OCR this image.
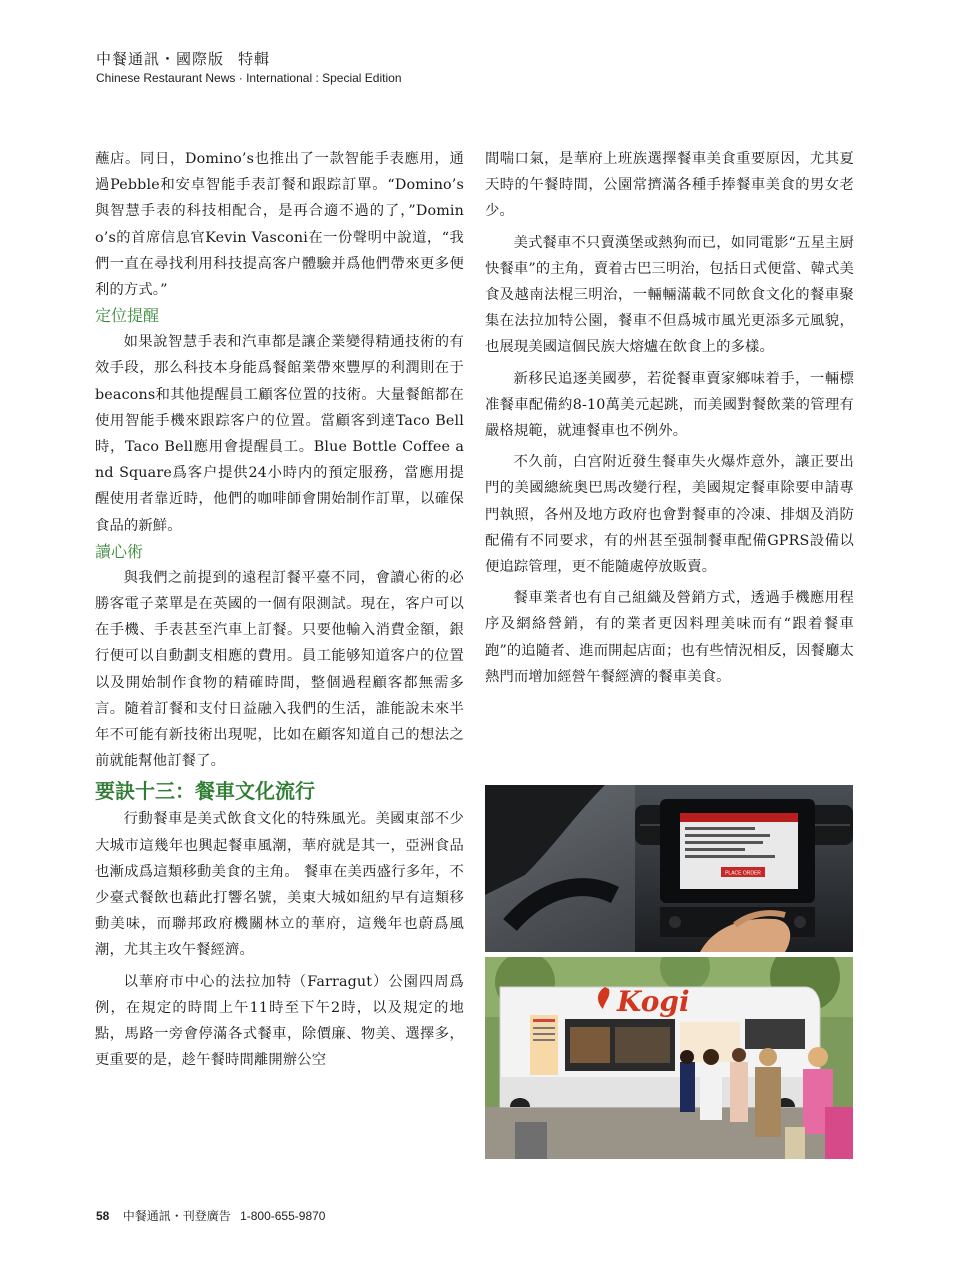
中餐通訊・國際版 特輯
Chinese Restaurant News · International : Special Edition

蘸店。同日，Domino’s也推出了一款智能手表應用，通過Pebble和安卓智能手表訂餐和跟踪訂單。“Domino’s與智慧手表的科技相配合，是再合適不過的了，”Domino’s的首席信息官Kevin Vasconi在一份聲明中說道，“我們一直在尋找利用科技提高客户體驗并爲他們帶來更多便利的方式。”

定位提醒

如果說智慧手表和汽車都是讓企業變得精通技術的有效手段，那么科技本身能爲餐館業帶來豐厚的利潤則在于beacons和其他提醒員工顧客位置的技術。大量餐館都在使用智能手機來跟踪客户的位置。當顧客到達Taco Bell時，Taco Bell應用會提醒員工。Blue Bottle Coffee and Square爲客户提供24小時内的預定服務，當應用提醒使用者靠近時，他們的咖啡師會開始制作訂單，以確保食品的新鮮。

讀心術

與我們之前提到的遠程訂餐平臺不同，會讀心術的必勝客電子菜單是在英國的一個有限測試。現在，客户可以在手機、手表甚至汽車上訂餐。只要他輸入消費金額，銀行便可以自動劃支相應的費用。員工能够知道客户的位置以及開始制作食物的精確時間，整個過程顧客都無需多言。隨着訂餐和支付日益融入我們的生活，誰能說未來半年不可能有新技術出現呢，比如在顧客知道自己的想法之前就能幫他訂餐了。

要訣十三：餐車文化流行

行動餐車是美式飲食文化的特殊風光。美國東部不少大城市這幾年也興起餐車風潮，華府就是其一，亞洲食品也漸成爲這類移動美食的主角。 餐車在美西盛行多年，不少臺式餐飲也藉此打響名號，美東大城如紐約早有這類移動美味，而聯邦政府機關林立的華府，這幾年也蔚爲風潮，尤其主攻午餐經濟。

以華府市中心的法拉加特（Farragut）公園四周爲例，在規定的時間上午11時至下午2時，以及規定的地點，馬路一旁會停滿各式餐車，除價廉、物美、選擇多，更重要的是，趁午餐時間離開辦公空

間喘口氣，是華府上班族選擇餐車美食重要原因，尤其夏天時的午餐時間，公園常擠滿各種手捧餐車美食的男女老少。

美式餐車不只賣漢堡或熱狗而已，如同電影“五星主厨快餐車”的主角，賣着古巴三明治，包括日式便當、韓式美食及越南法棍三明治，一輛輛滿載不同飲食文化的餐車聚集在法拉加特公園，餐車不但爲城市風光更添多元風貌，也展現美國這個民族大熔爐在飲食上的多樣。

新移民追逐美國夢，若從餐車賣家鄉味着手，一輛標准餐車配備約8-10萬美元起跳，而美國對餐飲業的管理有嚴格規範，就連餐車也不例外。

不久前，白宫附近發生餐車失火爆炸意外，讓正要出門的美國總統奥巴馬改變行程，美國規定餐車除要申請專門執照，各州及地方政府也會對餐車的冷凍、排烟及消防配備有不同要求，有的州甚至强制餐車配備GPRS設備以便追踪管理，更不能隨處停放販賣。

餐車業者也有自己組織及營銷方式，透過手機應用程序及網絡營銷，有的業者更因料理美味而有“跟着餐車跑”的追隨者、進而開起店面；也有些情況相反，因餐廳太熱門而增加經營午餐經濟的餐車美食。

PLACE ORDER
Kogi
58 中餐通訊・刊登廣告 1-800-655-9870
